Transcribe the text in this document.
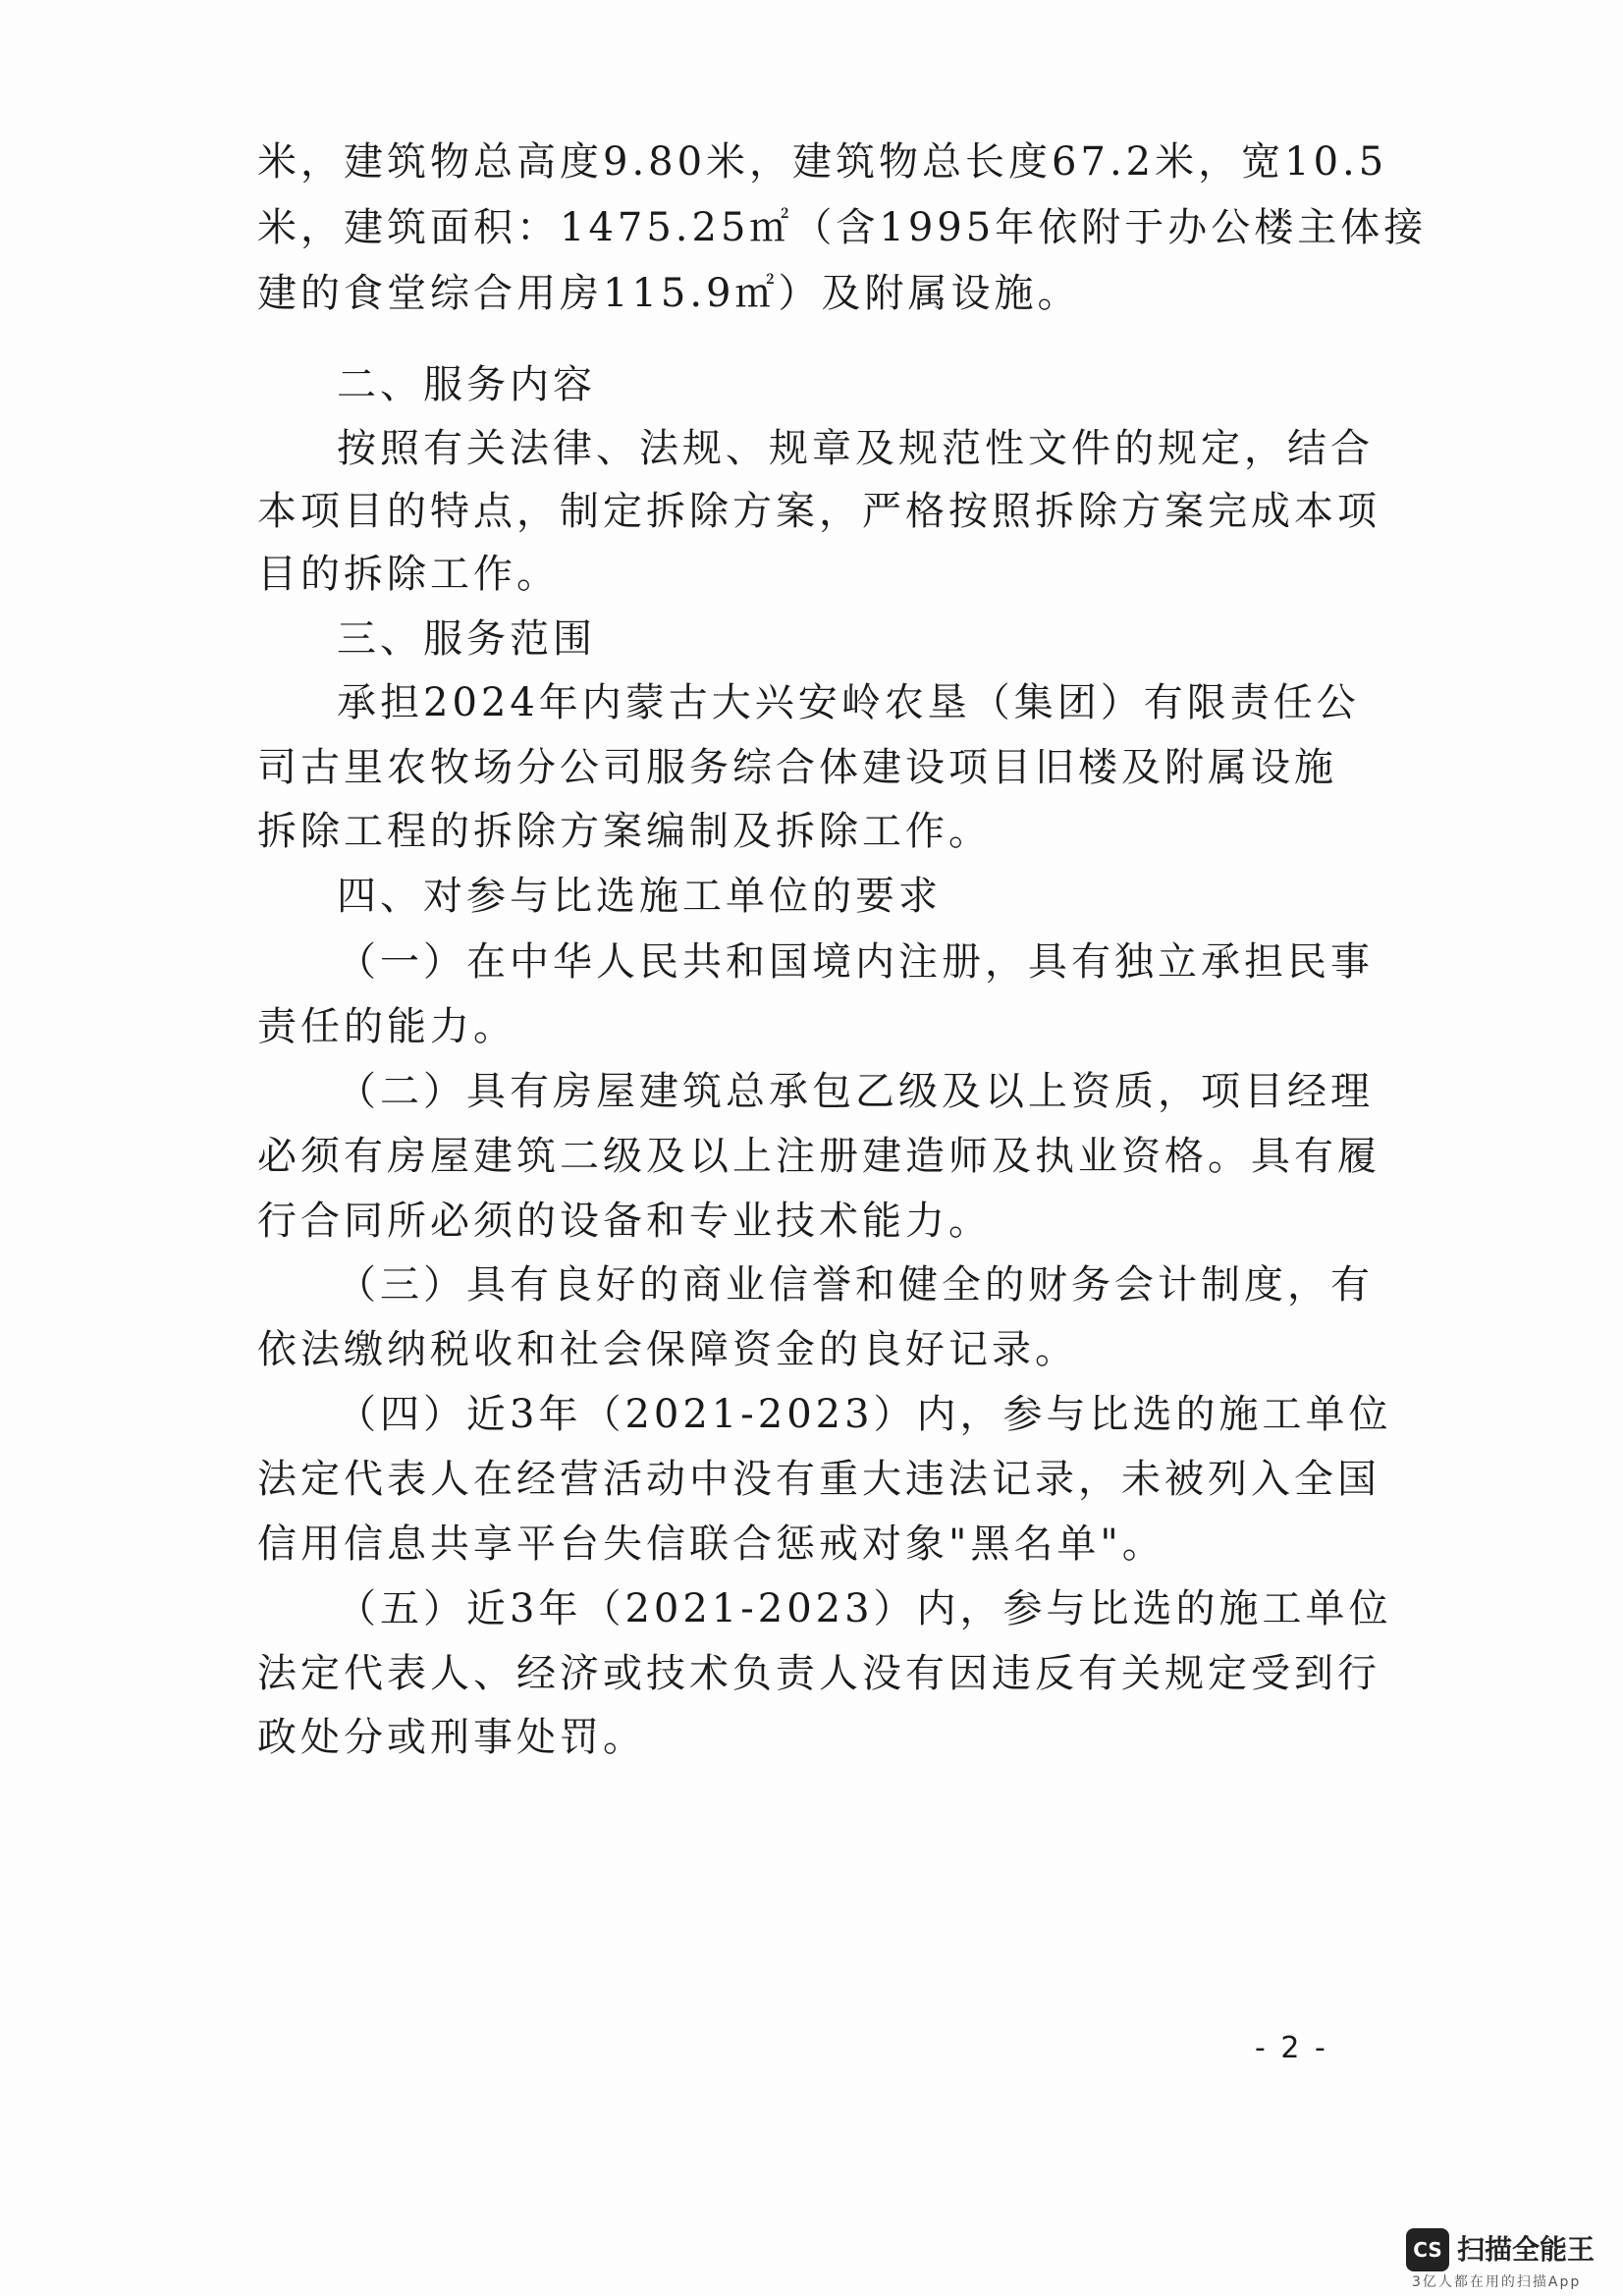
米，建筑物总高度9.80米，建筑物总长度67.2米，宽10.5
米，建筑面积：1475.25㎡（含1995年依附于办公楼主体接
建的食堂综合用房115.9㎡）及附属设施。
二、服务内容
按照有关法律、法规、规章及规范性文件的规定，结合
本项目的特点，制定拆除方案，严格按照拆除方案完成本项
目的拆除工作。
三、服务范围
承担2024年内蒙古大兴安岭农垦（集团）有限责任公
司古里农牧场分公司服务综合体建设项目旧楼及附属设施
拆除工程的拆除方案编制及拆除工作。
四、对参与比选施工单位的要求
（一）在中华人民共和国境内注册，具有独立承担民事
责任的能力。
（二）具有房屋建筑总承包乙级及以上资质，项目经理
必须有房屋建筑二级及以上注册建造师及执业资格。具有履
行合同所必须的设备和专业技术能力。
（三）具有良好的商业信誉和健全的财务会计制度，有
依法缴纳税收和社会保障资金的良好记录。
（四）近3年（2021-2023）内，参与比选的施工单位
法定代表人在经营活动中没有重大违法记录，未被列入全国
信用信息共享平台失信联合惩戒对象"黑名单"。
（五）近3年（2021-2023）内，参与比选的施工单位
法定代表人、经济或技术负责人没有因违反有关规定受到行
政处分或刑事处罚。
- 2 -
CS 扫描全能王
3亿人都在用的扫描App
